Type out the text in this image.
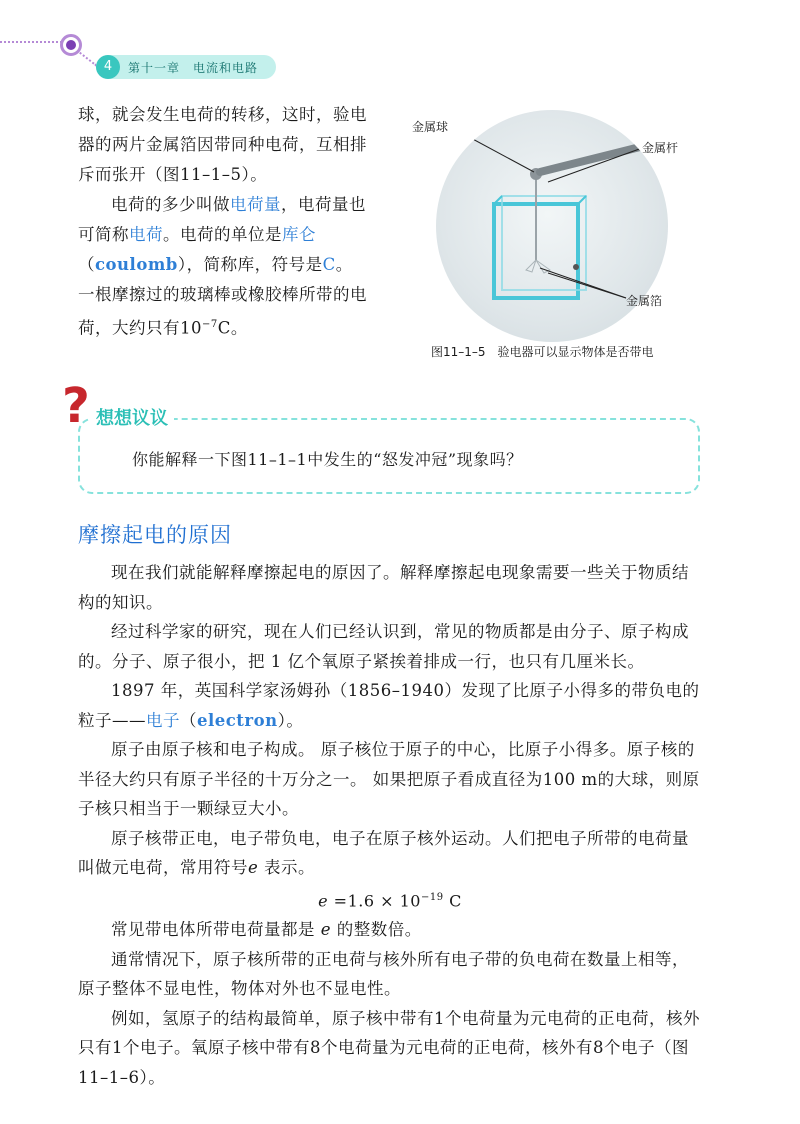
4	第十一章　电流和电路

球，就会发生电荷的转移，这时，验电器的两片金属箔因带同种电荷，互相排斥而张开（图11–1–5）。

电荷的多少叫做电荷量，电荷量也可简称电荷。电荷的单位是库仑（coulomb），简称库，符号是C。

一根摩擦过的玻璃棒或橡胶棒所带的电荷，大约只有$10^{-7}C$。

金属球
金属杆
金属箔
图11–1–5　验电器可以显示物体是否带电
? 想想议议
你能解释一下图11–1–1中发生的“怒发冲冠”现象吗？
摩擦起电的原因

现在我们就能解释摩擦起电的原因了。解释摩擦起电现象需要一些关于物质结构的知识。

经过科学家的研究，现在人们已经认识到，常见的物质都是由分子、原子构成的。分子、原子很小，把 1 亿个氧原子紧挨着排成一行，也只有几厘米长。

1897 年，英国科学家汤姆孙（1856–1940）发现了比原子小得多的带负电的粒子——电子（electron）。

原子由原子核和电子构成。 原子核位于原子的中心，比原子小得多。原子核的半径大约只有原子半径的十万分之一。 如果把原子看成直径为100 m的大球，则原子核只相当于一颗绿豆大小。

原子核带正电，电子带负电，电子在原子核外运动。人们把电子所带的电荷量叫做元电荷，常用符号e 表示。

$e =1.6 \times 10^{-19}$ C

常见带电体所带电荷量都是 e 的整数倍。

通常情况下，原子核所带的正电荷与核外所有电子带的负电荷在数量上相等，原子整体不显电性，物体对外也不显电性。

例如，氢原子的结构最简单，原子核中带有1个电荷量为元电荷的正电荷，核外只有1个电子。氧原子核中带有8个电荷量为元电荷的正电荷，核外有8个电子（图11–1–6）。
